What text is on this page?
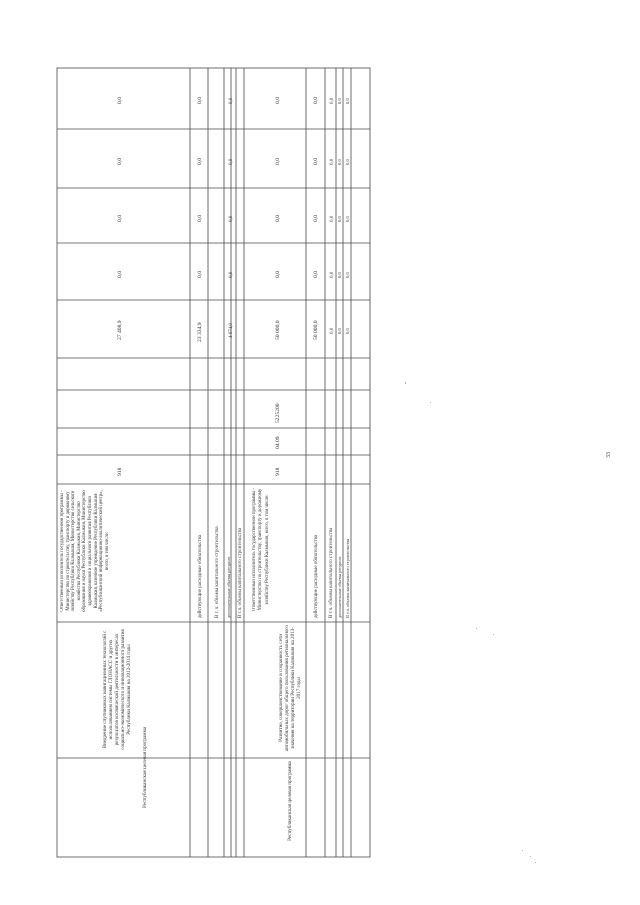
Республиканская целевая программа
Внедрение спутниковых навигационных технологий с использованием системы ГЛОНАСС и других результатов космической деятельности в интересах социально-экономического и инновационного развития Республики Калмыкия на 2012-2014 годы
Ответственный исполнитель государственной программы - Министерство по строительству, транспорту и дорожному хозяйству Республики Калмыкия, Министерство сельского хозяйства Республики Калмыкия, Министерство образования и науки Республики Калмыкия, Министерство здравоохранения и социального развития Республики Калмыкия, казенное учреждение Республики Калмыкия «Республиканский информационно-аналитический центр», всего, в том числе:
918
27 408,9
0,0
0,0
0,0
0,0
действующие расходные обязательства В т. ч. объемы капитального строительства дополнительные объемы ресурсов В т.ч. объемы капитального строительства
23 334,9
0,0
0,0
0,0
0,0
4 074,0
0,0
0,0
0,0
0,0
Республиканская целевая программа
Развитие, совершенствование и сохранность сети автомобильных дорог общего пользования регионального значения на территории Республики Калмыкия на 2013-2017 годы
Ответственный исполнитель государственной программы - Министерство по строительству, транспорту и дорожному хозяйству Республики Калмыкия, всего, в том числе:
918
04 09
5225200
50 000,0
0,0
0,0
0,0
0,0
действующие расходные обязательства В т.ч. объемы капитального строительства дополнительные объемы ресурсов В т.ч. объемы капитального строительства
50 000,0
0,0
0,0
0,0
0,0
0,0
0,0
0,0
0,0
0,0
0,0
0,0
0,0
0,0
0,0
0,0
0,0
0,0
0,0
0,0
33
